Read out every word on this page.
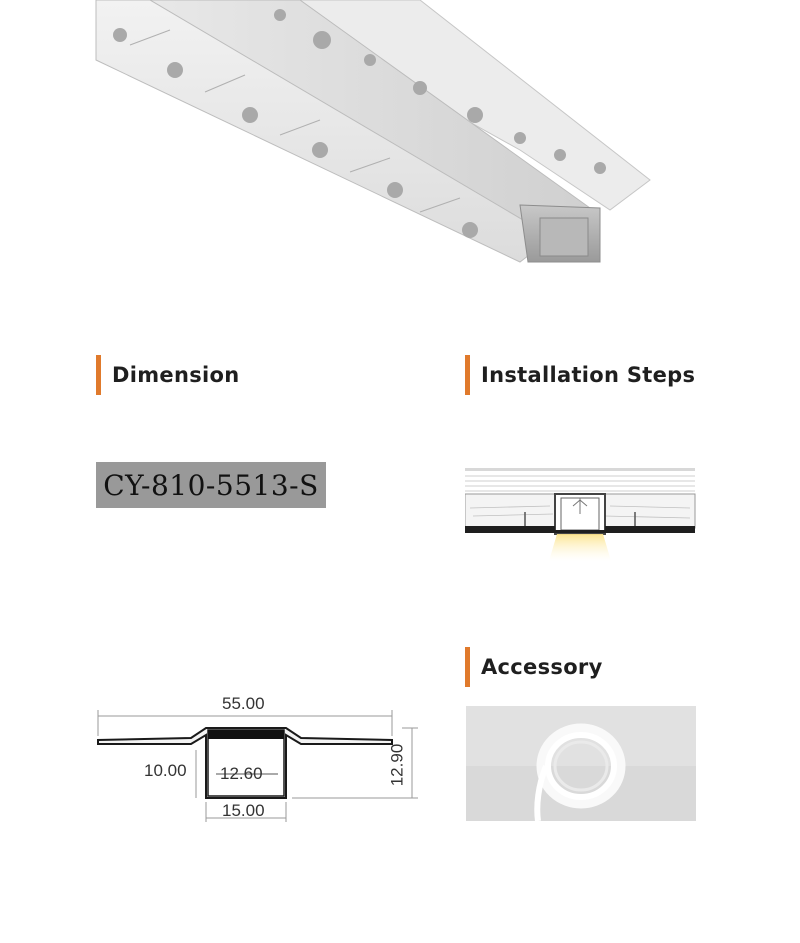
Dimension	Installation Steps
CY-810-5513-S
Accessory
55.00
10.00 12.60
15.00
12.90
